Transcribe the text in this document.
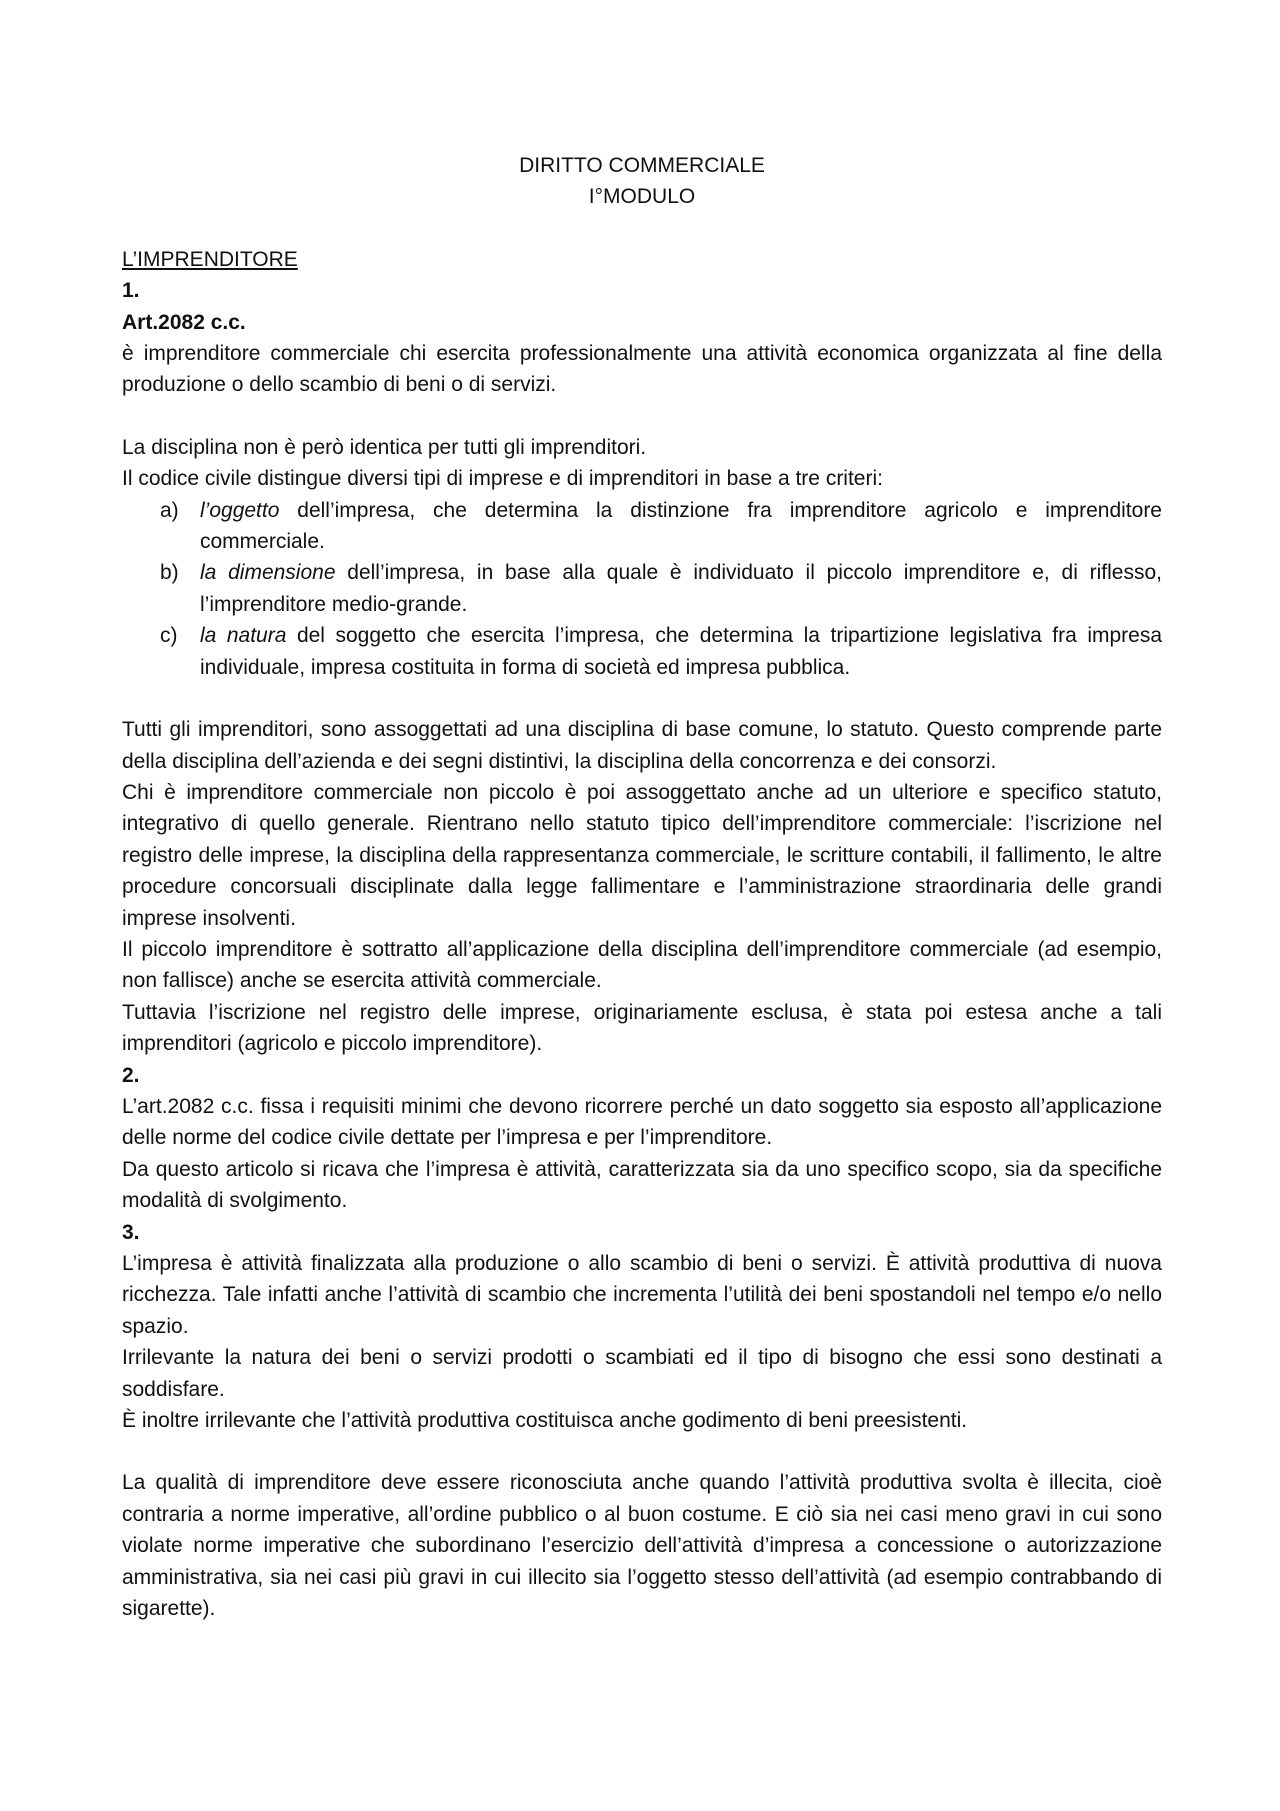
DIRITTO COMMERCIALE
I°MODULO
L’IMPRENDITORE
1.
Art.2082 c.c.

è imprenditore commerciale chi esercita professionalmente una attività economica organizzata al fine della produzione o dello scambio di beni o di servizi.

La disciplina non è però identica per tutti gli imprenditori.

Il codice civile distingue diversi tipi di imprese e di imprenditori in base a tre criteri:

a) l’oggetto dell’impresa, che determina la distinzione fra imprenditore agricolo e imprenditore commerciale.
b) la dimensione dell’impresa, in base alla quale è individuato il piccolo imprenditore e, di riflesso, l’imprenditore medio-grande.
c) la natura del soggetto che esercita l’impresa, che determina la tripartizione legislativa fra impresa individuale, impresa costituita in forma di società ed impresa pubblica.

Tutti gli imprenditori, sono assoggettati ad una disciplina di base comune, lo statuto. Questo comprende parte della disciplina dell’azienda e dei segni distintivi, la disciplina della concorrenza e dei consorzi.

Chi è imprenditore commerciale non piccolo è poi assoggettato anche ad un ulteriore e specifico statuto, integrativo di quello generale. Rientrano nello statuto tipico dell’imprenditore commerciale: l’iscrizione nel registro delle imprese, la disciplina della rappresentanza commerciale, le scritture contabili, il fallimento, le altre procedure concorsuali disciplinate dalla legge fallimentare e l’amministrazione straordinaria delle grandi imprese insolventi.

Il piccolo imprenditore è sottratto all’applicazione della disciplina dell’imprenditore commerciale (ad esempio, non fallisce) anche se esercita attività commerciale.

Tuttavia l’iscrizione nel registro delle imprese, originariamente esclusa, è stata poi estesa anche a tali imprenditori (agricolo e piccolo imprenditore).

2.

L’art.2082 c.c. fissa i requisiti minimi che devono ricorrere perché un dato soggetto sia esposto all’applicazione delle norme del codice civile dettate per l’impresa e per l’imprenditore.

Da questo articolo si ricava che l’impresa è attività, caratterizzata sia da uno specifico scopo, sia da specifiche modalità di svolgimento.

3.

L’impresa è attività finalizzata alla produzione o allo scambio di beni o servizi. È attività produttiva di nuova ricchezza. Tale infatti anche l’attività di scambio che incrementa l’utilità dei beni spostandoli nel tempo e/o nello spazio.

Irrilevante la natura dei beni o servizi prodotti o scambiati ed il tipo di bisogno che essi sono destinati a soddisfare.

È inoltre irrilevante che l’attività produttiva costituisca anche godimento di beni preesistenti.

La qualità di imprenditore deve essere riconosciuta anche quando l’attività produttiva svolta è illecita, cioè contraria a norme imperative, all’ordine pubblico o al buon costume. E ciò sia nei casi meno gravi in cui sono violate norme imperative che subordinano l’esercizio dell’attività d’impresa a concessione o autorizzazione amministrativa, sia nei casi più gravi in cui illecito sia l’oggetto stesso dell’attività (ad esempio contrabbando di sigarette).
